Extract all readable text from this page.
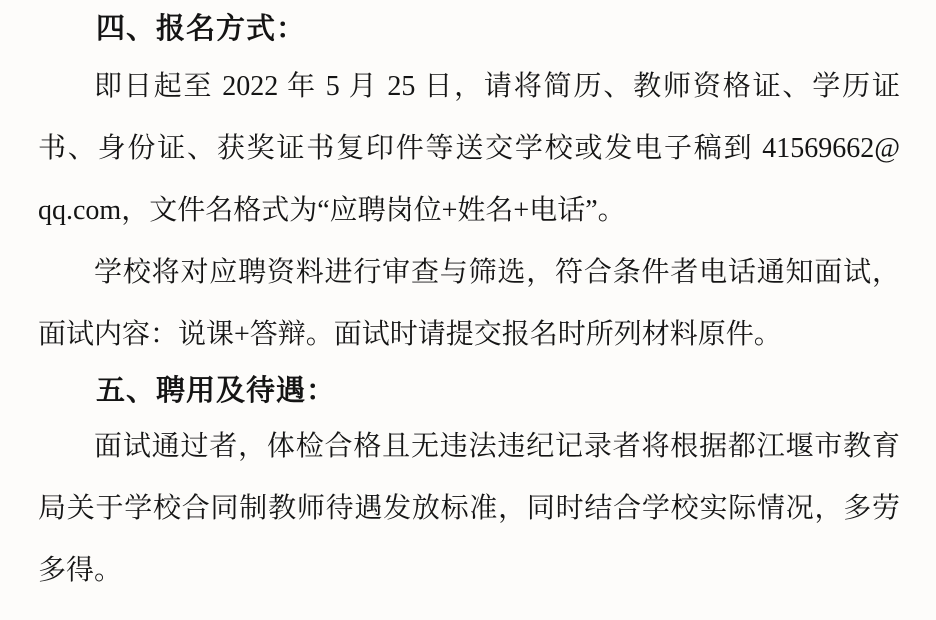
四、报名方式：

即日起至 2022 年 5 月 25 日，请将简历、教师资格证、学历证书、身份证、获奖证书复印件等送交学校或发电子稿到 41569662@ qq.com，文件名格式为“应聘岗位+姓名+电话”。

学校将对应聘资料进行审查与筛选，符合条件者电话通知面试，面试内容：说课+答辩。面试时请提交报名时所列材料原件。

五、聘用及待遇：

面试通过者，体检合格且无违法违纪记录者将根据都江堰市教育局关于学校合同制教师待遇发放标准，同时结合学校实际情况，多劳多得。
